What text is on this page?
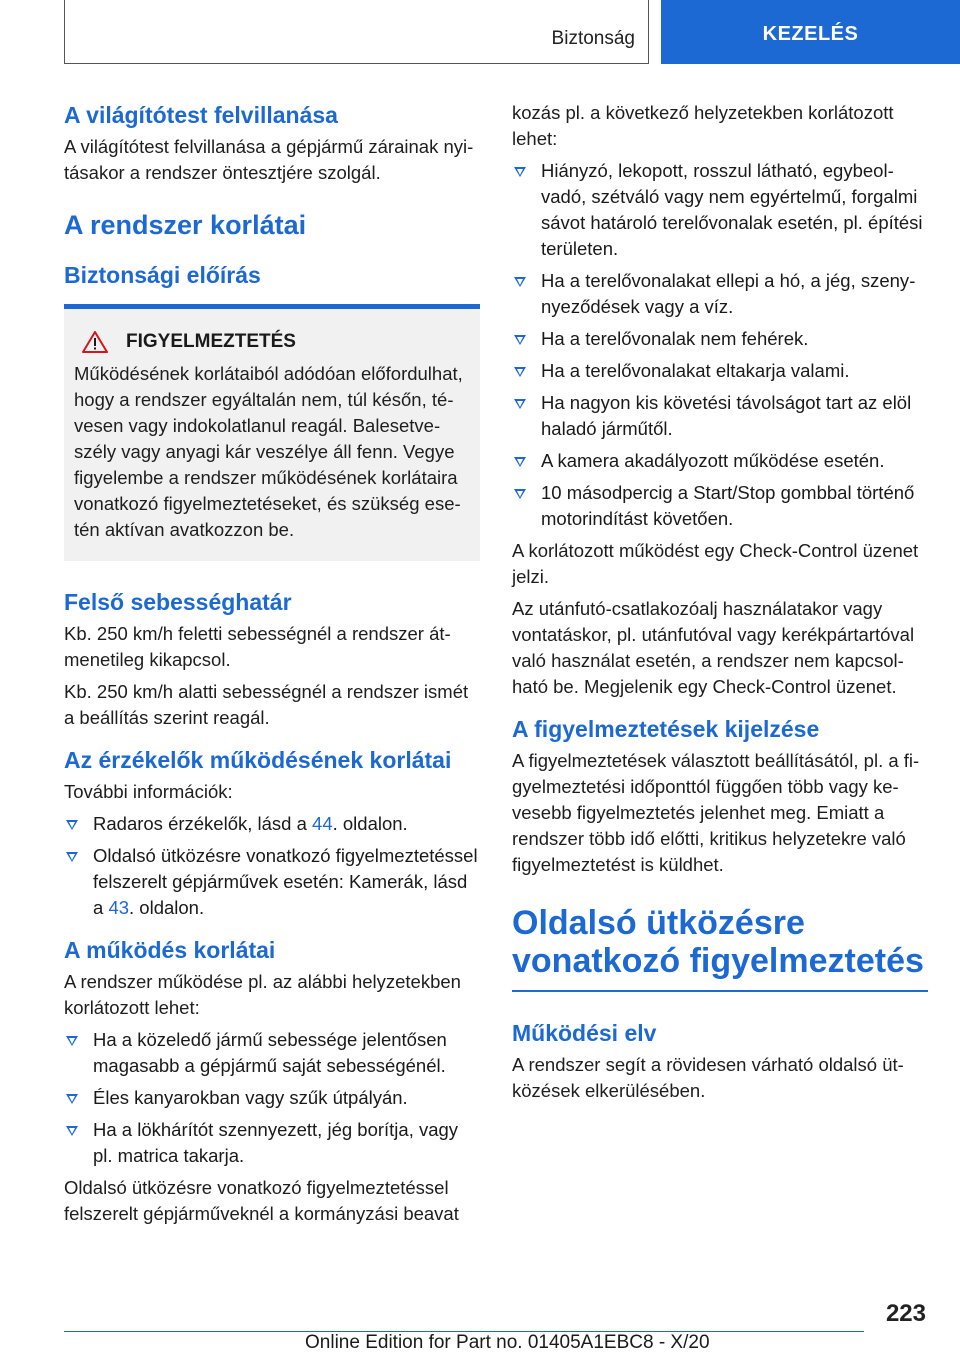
Biztonság	KEZELÉS
A világítótest felvillanása

A világítótest felvillanása a gépjármű zárainak nyitásakor a rendszer öntesztjére szolgál.

A rendszer korlátai
Biztonsági előírás
FIGYELMEZTETÉS

Működésének korlátaiból adódóan előfordulhat, hogy a rendszer egyáltalán nem, túl későn, tévesen vagy indokolatlanul reagál. Balesetveszély vagy anyagi kár veszélye áll fenn. Vegye figyelembe a rendszer működésének korlátaira vonatkozó figyelmeztetéseket, és szükség esetén aktívan avatkozzon be.

Felső sebességhatár

Kb. 250 km/h feletti sebességnél a rendszer átmenetileg kikapcsol.

Kb. 250 km/h alatti sebességnél a rendszer ismét a beállítás szerint reagál.

Az érzékelők működésének korlátai

További információk:

Radaros érzékelők, lásd a 44. oldalon.
Oldalsó ütközésre vonatkozó figyelmeztetéssel felszerelt gépjárművek esetén: Kamerák, lásd a 43. oldalon.
A működés korlátai

A rendszer működése pl. az alábbi helyzetekben korlátozott lehet:

Ha a közeledő jármű sebessége jelentősen magasabb a gépjármű saját sebességénél.
Éles kanyarokban vagy szűk útpályán.
Ha a lökhárítót szennyezett, jég borítja, vagy pl. matrica takarja.

Oldalsó ütközésre vonatkozó figyelmeztetéssel felszerelt gépjárműveknél a kormányzási beavat

kozás pl. a következő helyzetekben korlátozott lehet:

Hiányzó, lekopott, rosszul látható, egybeolvadó, szétváló vagy nem egyértelmű, forgalmi sávot határoló terelővonalak esetén, pl. építési területen.
Ha a terelővonalakat ellepi a hó, a jég, szenynyeződések vagy a víz.
Ha a terelővonalak nem fehérek.
Ha a terelővonalakat eltakarja valami.
Ha nagyon kis követési távolságot tart az elöl haladó járműtől.
A kamera akadályozott működése esetén.
10 másodpercig a Start/Stop gombbal történő motorindítást követően.

A korlátozott működést egy Check-Control üzenet jelzi.

Az utánfutó-csatlakozóalj használatakor vagy vontatáskor, pl. utánfutóval vagy kerékpártartóval való használat esetén, a rendszer nem kapcsolható be. Megjelenik egy Check-Control üzenet.

A figyelmeztetések kijelzése

A figyelmeztetések választott beállításától, pl. a figyelmeztetési időponttól függően több vagy kevesebb figyelmeztetés jelenhet meg. Emiatt a rendszer több idő előtti, kritikus helyzetekre való figyelmeztetést is küldhet.

Oldalsó ütközésre vonatkozó figyelmeztetés
Működési elv

A rendszer segít a rövidesen várható oldalsó ütközések elkerülésében.

223
Online Edition for Part no. 01405A1EBC8 - X/20
